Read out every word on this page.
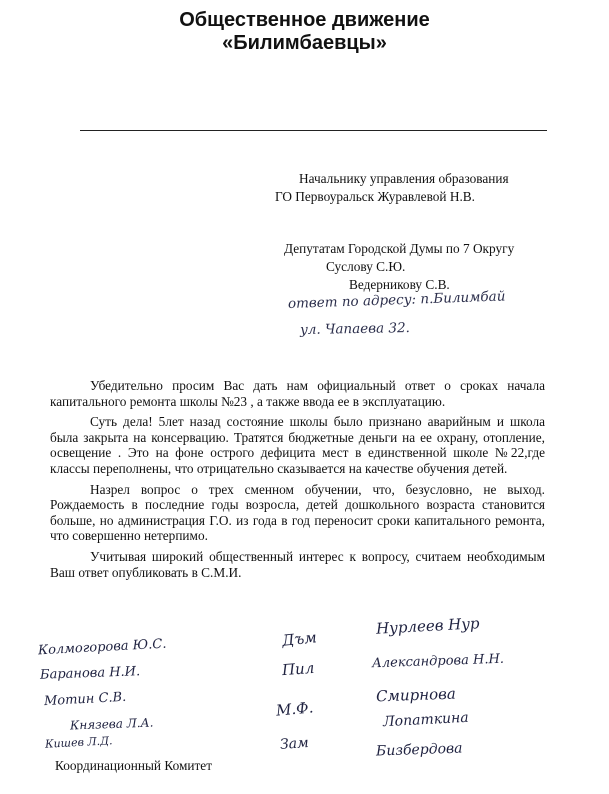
Общественное движение
«Билимбаевцы»
Начальнику управления образования
ГО Первоуральск Журавлевой Н.В.
Депутатам Городской Думы по 7 Округу
Суслову С.Ю.
Ведерникову С.В.
ответ по адресу: п.Билимбай
ул. Чапаева 32.

Убедительно просим Вас дать нам официальный ответ о сроках начала капитального ремонта школы №23 , а также ввода ее в эксплуатацию.

Суть дела! 5лет назад состояние школы было признано аварийным и школа была закрыта на консервацию. Тратятся бюджетные деньги на ее охрану, отопление, освещение . Это на фоне острого дефицита мест в единственной школе №22,где классы переполнены, что отрицательно сказывается на качестве обучения детей.

Назрел вопрос о трех сменном обучении, что, безусловно, не выход. Рождаемость в последние годы возросла, детей дошкольного возраста становится больше, но администрация Г.О. из года в год переносит сроки капитального ремонта, что совершенно нетерпимо.

Учитывая широкий общественный интерес к вопросу, считаем необходимым Ваш ответ опубликовать в С.М.И.

Колмогорова Ю.С.
Баранова Н.И.
Мотин С.В.
Князева Л.А.
Кишев Л.Д.
Дъм
Пил
М.Ф.
Зам
Нурлеев Нур
Александрова Н.Н.
Смирнова
Лопаткина
Бизбердова
Координационный Комитет
